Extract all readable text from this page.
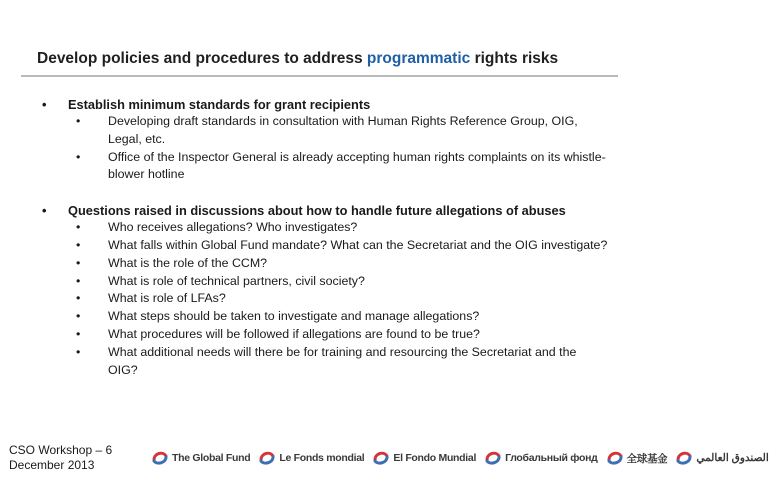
Develop policies and procedures to address programmatic rights risks
• Establish minimum standards for grant recipients
• Developing draft standards in consultation with Human Rights Reference Group, OIG, Legal, etc.
• Office of the Inspector General is already accepting human rights complaints on its whistle-blower hotline
• Questions raised in discussions about how to handle future allegations of abuses
• Who receives allegations? Who investigates?
• What falls within Global Fund mandate? What can the Secretariat and the OIG investigate?
• What is the role of the CCM?
• What is role of technical partners, civil society?
• What is role of LFAs?
• What steps should be taken to investigate and manage allegations?
• What procedures will be followed if allegations are found to be true?
• What additional needs will there be for training and resourcing the Secretariat and the OIG?
CSO Workshop – 6
December 2013	The Global Fund	Le Fonds mondial	El Fondo Mundial	Глобальный фонд	全球基金	الصندوق العالمي
